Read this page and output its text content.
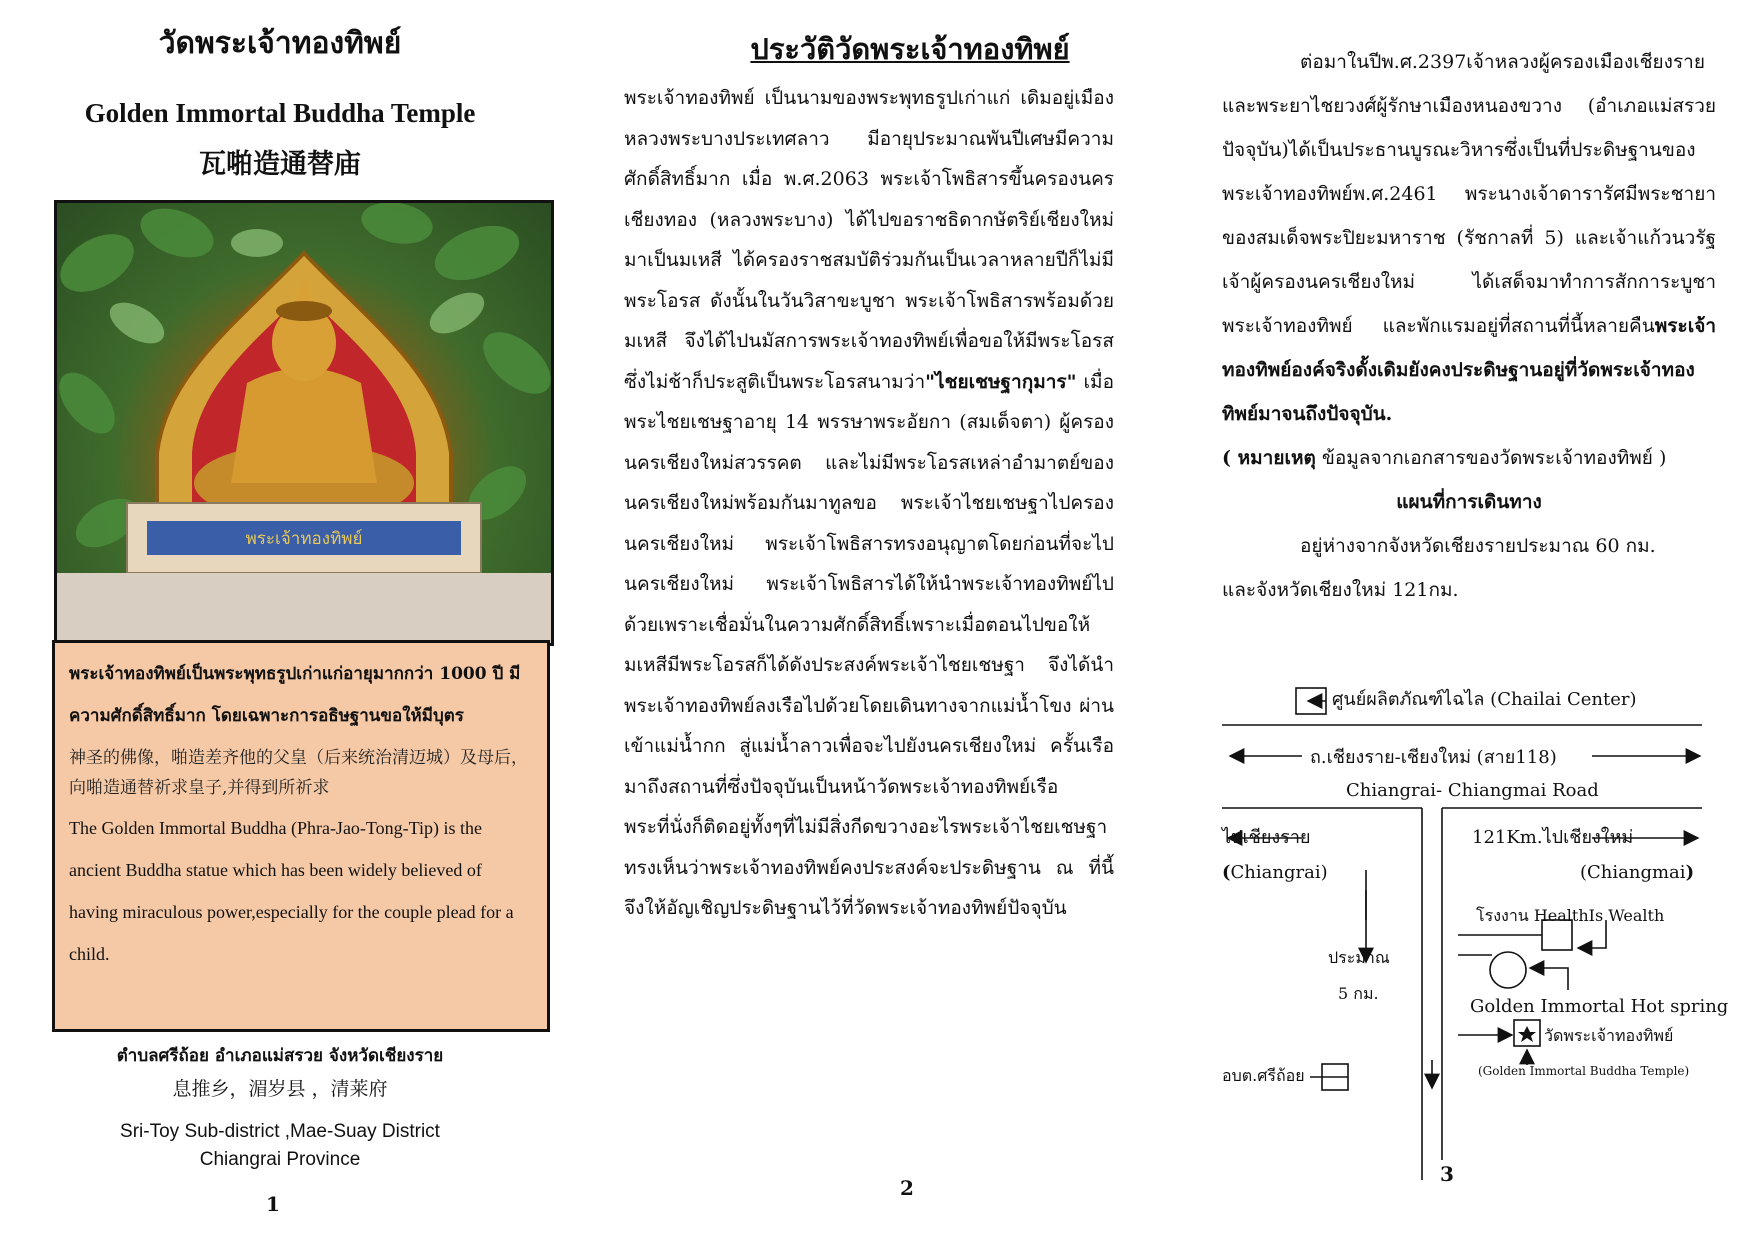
วัดพระเจ้าทองทิพย์
Golden Immortal Buddha Temple
瓦啪造通替庙
พระเจ้าทองทิพย์
พระเจ้าทองทิพย์เป็นพระพุทธรูปเก่าแก่อายุมากกว่า 1000 ปี มีความศักดิ์สิทธิ์มาก โดยเฉพาะการอธิษฐานขอให้มีบุตร
神圣的佛像，啪造差齐他的父皇（后来统治清迈城）及母后，向啪造通替祈求皇子,并得到所祈求
The Golden Immortal Buddha (Phra-Jao-Tong-Tip) is the ancient Buddha statue which has been widely believed of having miraculous power,especially for the couple plead for a child.
ตำบลศรีถ้อย อำเภอแม่สรวย จังหวัดเชียงราย
息推乡，湄岁县 ，清莱府
Sri-Toy Sub-district ,Mae-Suay District
Chiangrai Province
1
ประวัติวัดพระเจ้าทองทิพย์
พระเจ้าทองทิพย์ เป็นนามของพระพุทธรูปเก่าแก่ เดิมอยู่เมืองหลวงพระบางประเทศลาว มีอายุประมาณพันปีเศษมีความศักดิ์สิทธิ์มาก เมื่อ พ.ศ.2063 พระเจ้าโพธิสารขึ้นครองนครเชียงทอง (หลวงพระบาง) ได้ไปขอราชธิดากษัตริย์เชียงใหม่มาเป็นมเหสี ได้ครองราชสมบัติร่วมกันเป็นเวลาหลายปีก็ไม่มีพระโอรส ดังนั้นในวันวิสาขะบูชา พระเจ้าโพธิสารพร้อมด้วยมเหสี จึงได้ไปนมัสการพระเจ้าทองทิพย์เพื่อขอให้มีพระโอรส ซึ่งไม่ช้าก็ประสูติเป็นพระโอรสนามว่า"ไชยเชษฐากุมาร" เมื่อพระไชยเชษฐาอายุ 14 พรรษาพระอัยกา (สมเด็จตา) ผู้ครองนครเชียงใหม่สวรรคต และไม่มีพระโอรสเหล่าอำมาตย์ของนครเชียงใหม่พร้อมกันมาทูลขอ พระเจ้าไชยเชษฐาไปครองนครเชียงใหม่ พระเจ้าโพธิสารทรงอนุญาตโดยก่อนที่จะไปนครเชียงใหม่ พระเจ้าโพธิสารได้ให้นำพระเจ้าทองทิพย์ไปด้วยเพราะเชื่อมั่นในความศักดิ์สิทธิ์เพราะเมื่อตอนไปขอให้มเหสีมีพระโอรสก็ได้ดังประสงค์พระเจ้าไชยเชษฐา จึงได้นำพระเจ้าทองทิพย์ลงเรือไปด้วยโดยเดินทางจากแม่น้ำโขง ผ่านเข้าแม่น้ำกก สู่แม่น้ำลาวเพื่อจะไปยังนครเชียงใหม่ ครั้นเรือมาถึงสถานที่ซึ่งปัจจุบันเป็นหน้าวัดพระเจ้าทองทิพย์เรือพระที่นั่งก็ติดอยู่ทั้งๆที่ไม่มีสิ่งกีดขวางอะไรพระเจ้าไชยเชษฐา ทรงเห็นว่าพระเจ้าทองทิพย์คงประสงค์จะประดิษฐาน ณ ที่นี้ จึงให้อัญเชิญประดิษฐานไว้ที่วัดพระเจ้าทองทิพย์ปัจจุบัน
2
ต่อมาในปีพ.ศ.2397เจ้าหลวงผู้ครองเมืองเชียงราย และพระยาไชยวงศ์ผู้รักษาเมืองหนองขวาง (อำเภอแม่สรวยปัจจุบัน)ได้เป็นประธานบูรณะวิหารซึ่งเป็นที่ประดิษฐานของพระเจ้าทองทิพย์พ.ศ.2461 พระนางเจ้าดารารัศมีพระชายาของสมเด็จพระปิยะมหาราช (รัชกาลที่ 5) และเจ้าแก้วนวรัฐเจ้าผู้ครองนครเชียงใหม่ ได้เสด็จมาทำการสักการะบูชาพระเจ้าทองทิพย์ และพักแรมอยู่ที่สถานที่นี้หลายคืนพระเจ้าทองทิพย์องค์จริงดั้งเดิมยังคงประดิษฐานอยู่ที่วัดพระเจ้าทองทิพย์มาจนถึงปัจจุบัน.
( หมายเหตุ ข้อมูลจากเอกสารของวัดพระเจ้าทองทิพย์ )
แผนที่การเดินทาง
อยู่ห่างจากจังหวัดเชียงรายประมาณ 60 กม.
และจังหวัดเชียงใหม่ 121กม.
ศูนย์ผลิตภัณฑ์ไฉไล (Chailai Center)
ถ.เชียงราย-เชียงใหม่ (สาย118)
Chiangrai- Chiangmai Road
ไปเชียงราย
(Chiangrai)
121Km.ไปเชียงใหม่
(Chiangmai)
โรงงาน HealthIs Wealth
ประมาณ
5 กม.
Golden Immortal Hot spring
วัดพระเจ้าทองทิพย์
(Golden Immortal Buddha Temple)
อบต.ศรีถ้อย
3
